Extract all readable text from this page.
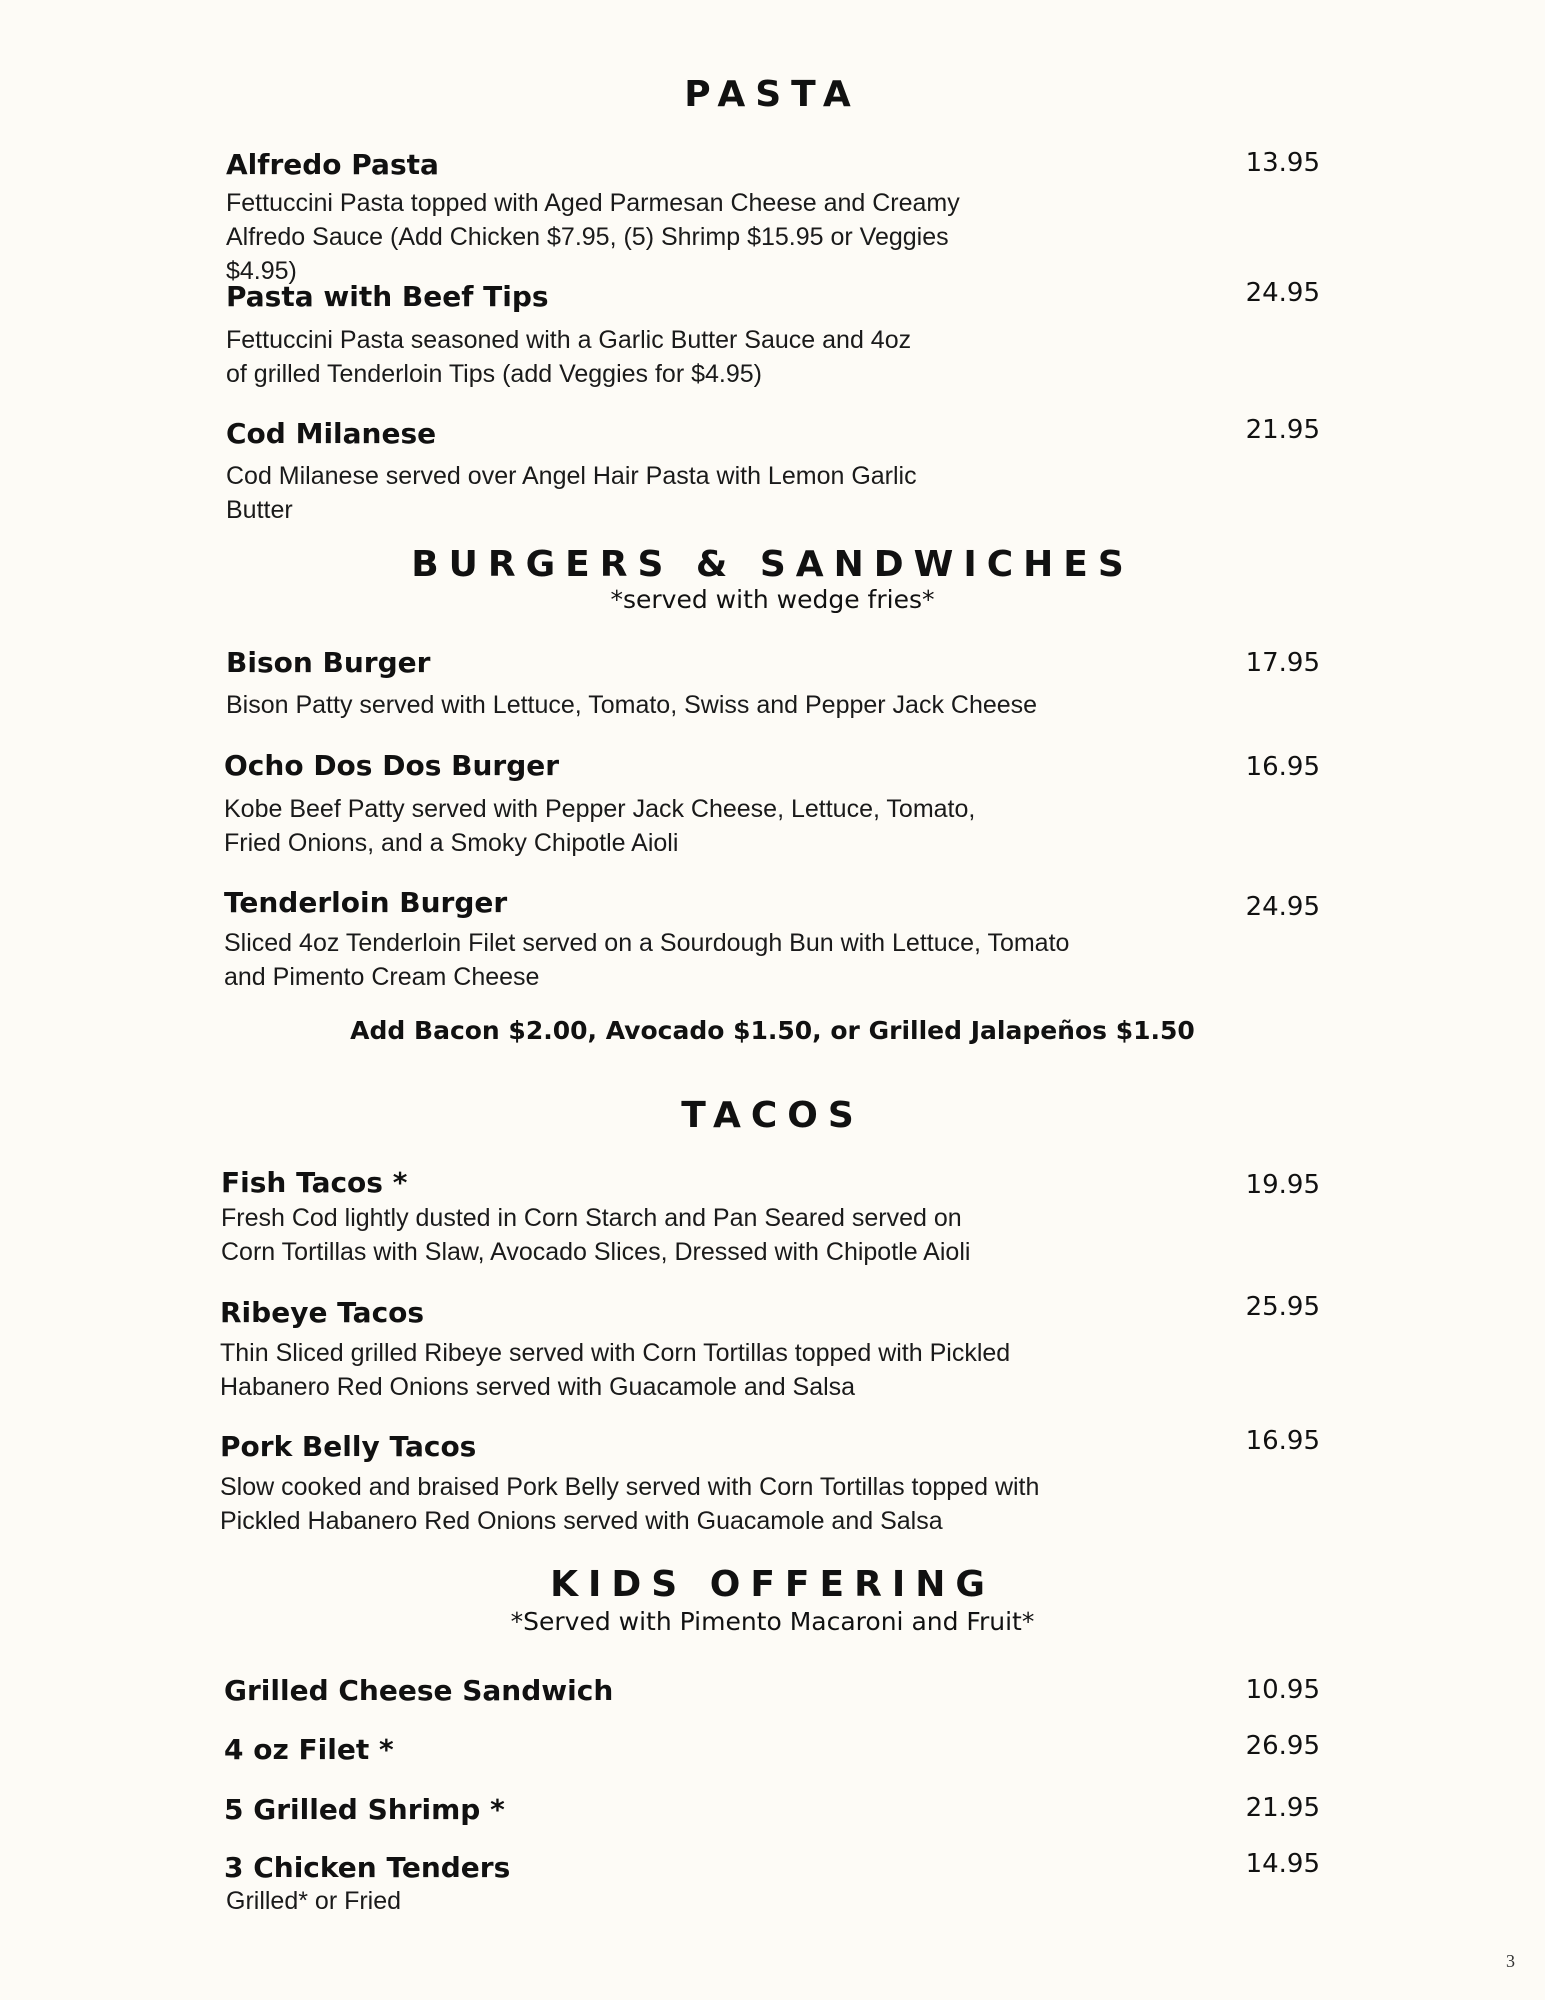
PASTA
Alfredo Pasta	13.95

Fettuccini Pasta topped with Aged Parmesan Cheese and Creamy Alfredo Sauce (Add Chicken $7.95, (5) Shrimp $15.95 or Veggies $4.95)

Pasta with Beef Tips	24.95

Fettuccini Pasta seasoned with a Garlic Butter Sauce and 4oz of grilled Tenderloin Tips (add Veggies for $4.95)

Cod Milanese	21.95

Cod Milanese served over Angel Hair Pasta with Lemon Garlic Butter

BURGERS & SANDWICHES

*served with wedge fries*

Bison Burger	17.95

Bison Patty served with Lettuce, Tomato, Swiss and Pepper Jack Cheese

Ocho Dos Dos Burger	16.95

Kobe Beef Patty served with Pepper Jack Cheese, Lettuce, Tomato, Fried Onions, and a Smoky Chipotle Aioli

Tenderloin Burger	24.95

Sliced 4oz Tenderloin Filet served on a Sourdough Bun with Lettuce, Tomato and Pimento Cream Cheese

Add Bacon $2.00, Avocado $1.50, or Grilled Jalapeños $1.50

TACOS
Fish Tacos *	19.95

Fresh Cod lightly dusted in Corn Starch and Pan Seared served on Corn Tortillas with Slaw, Avocado Slices, Dressed with Chipotle Aioli

Ribeye Tacos	25.95

Thin Sliced grilled Ribeye served with Corn Tortillas topped with Pickled Habanero Red Onions served with Guacamole and Salsa

Pork Belly Tacos	16.95

Slow cooked and braised Pork Belly served with Corn Tortillas topped with Pickled Habanero Red Onions served with Guacamole and Salsa

KIDS OFFERING

*Served with Pimento Macaroni and Fruit*

Grilled Cheese Sandwich	10.95

4 oz Filet *	26.95

5 Grilled Shrimp *	21.95

3 Chicken Tenders	14.95

Grilled* or Fried

3
